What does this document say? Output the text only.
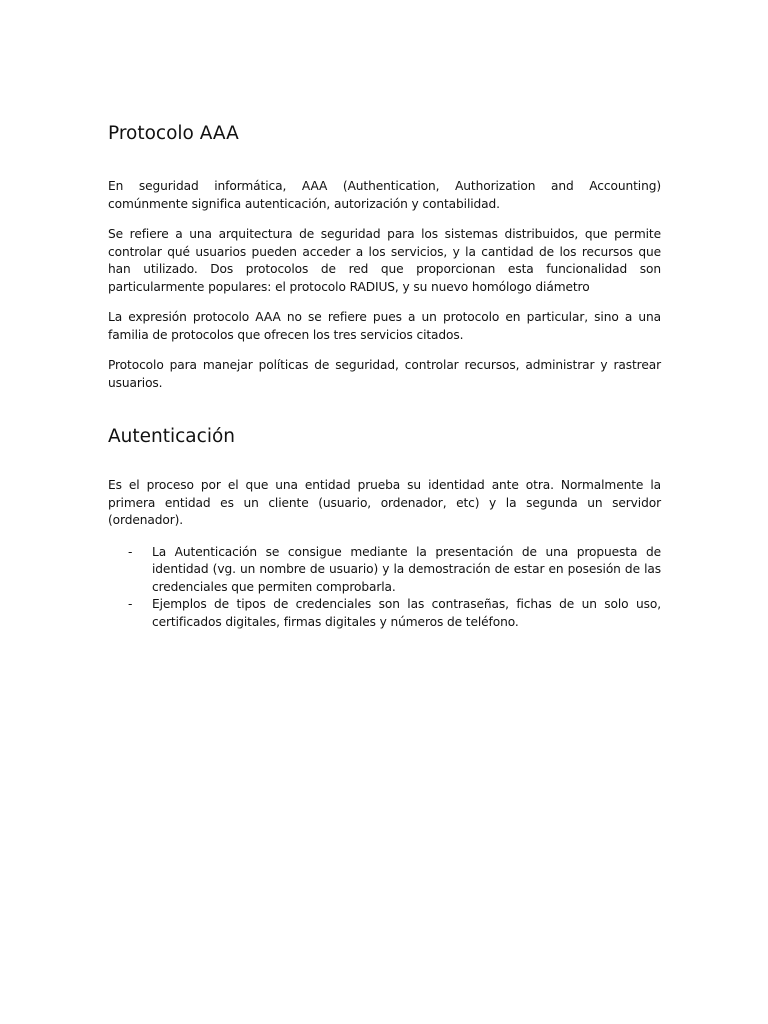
Protocolo AAA

En seguridad informática, AAA (Authentication, Authorization and Accounting) comúnmente significa autenticación, autorización y contabilidad.

Se refiere a una arquitectura de seguridad para los sistemas distribuidos, que permite controlar qué usuarios pueden acceder a los servicios, y la cantidad de los recursos que han utilizado. Dos protocolos de red que proporcionan esta funcionalidad son particularmente populares: el protocolo RADIUS, y su nuevo homólogo diámetro

La expresión protocolo AAA no se refiere pues a un protocolo en particular, sino a una familia de protocolos que ofrecen los tres servicios citados.

Protocolo para manejar políticas de seguridad, controlar recursos, administrar y rastrear usuarios.

Autenticación

Es el proceso por el que una entidad prueba su identidad ante otra. Normalmente la primera entidad es un cliente (usuario, ordenador, etc) y la segunda un servidor (ordenador).

- La Autenticación se consigue mediante la presentación de una propuesta de identidad (vg. un nombre de usuario) y la demostración de estar en posesión de las credenciales que permiten comprobarla.
- Ejemplos de tipos de credenciales son las contraseñas, fichas de un solo uso, certificados digitales, firmas digitales y números de teléfono.
